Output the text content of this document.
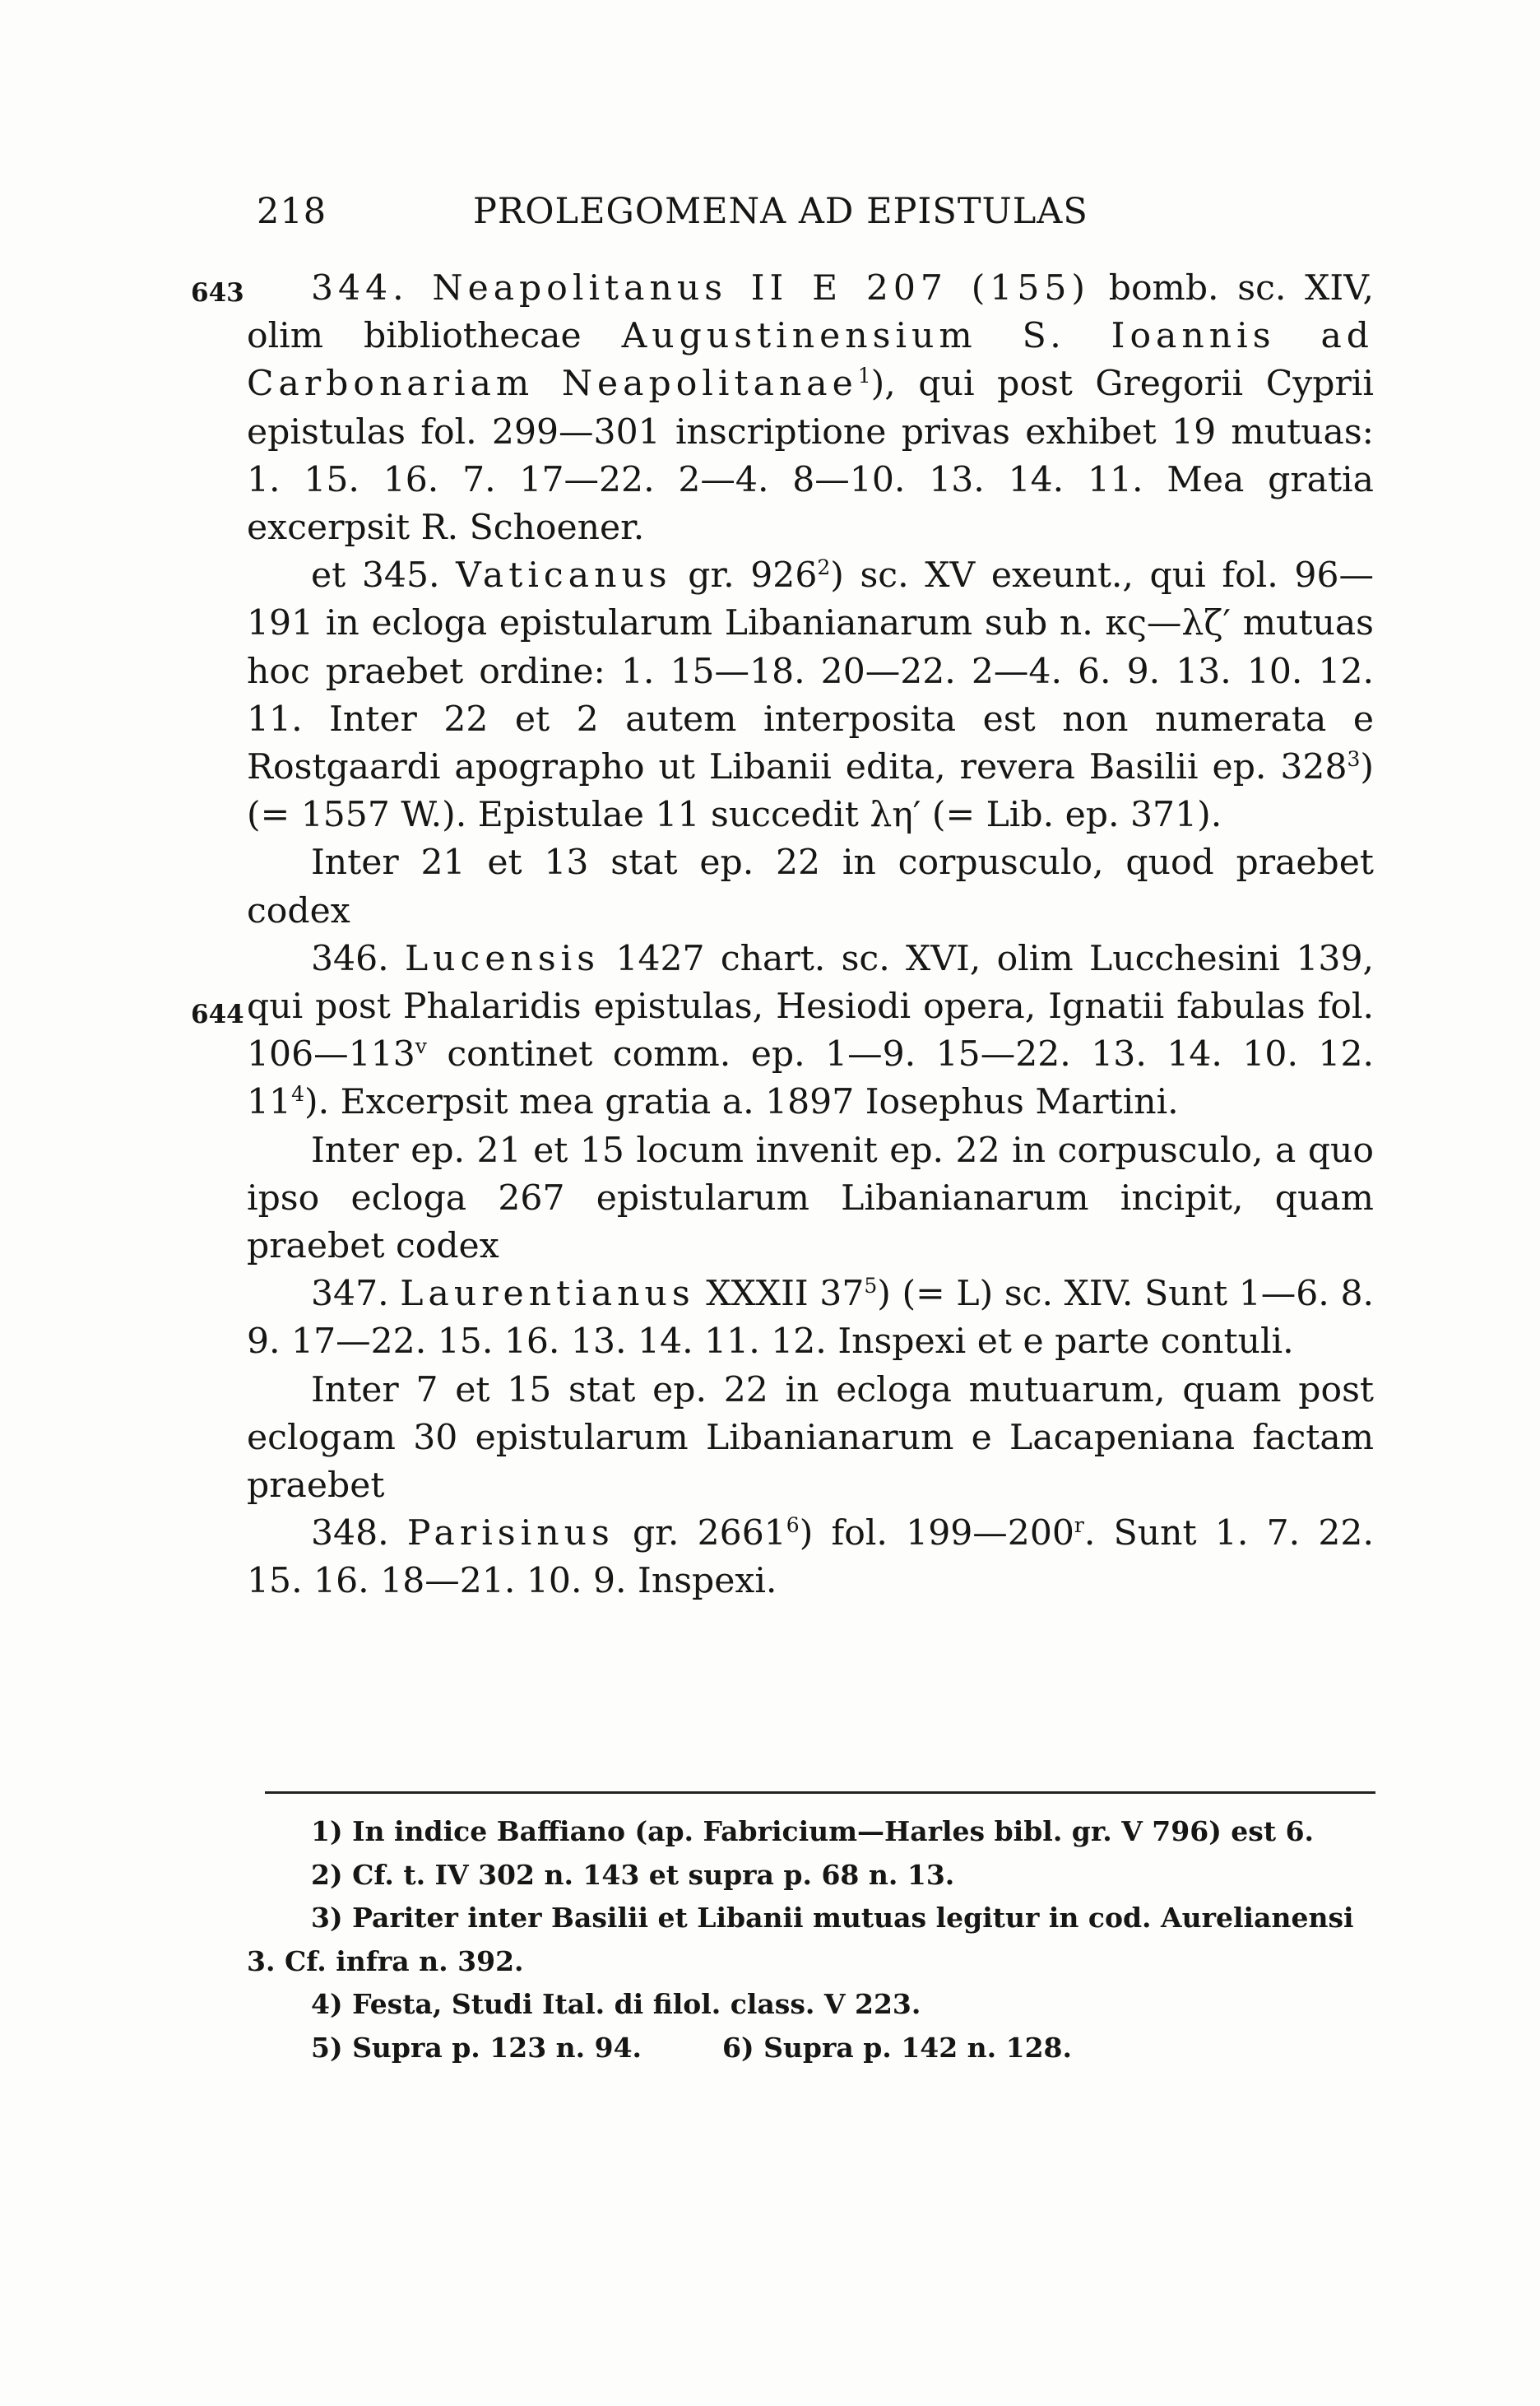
218	PROLEGOMENA AD EPISTULAS
643
644

344. Neapolitanus II E 207 (155) bomb. sc. XIV, olim bibliothecae Augustinensium S. Ioannis ad Carbonariam Neapolitanae$^1$), qui post Gregorii Cyprii epistulas fol. 299—301 inscriptione privas exhibet 19 mutuas: 1. 15. 16. 7. 17—22. 2—4. 8—10. 13. 14. 11. Mea gratia excerpsit R. Schoener.

et 345. Vaticanus gr. $926^2$) sc. XV exeunt., qui fol. 96—191 in ecloga epistularum Libanianarum sub n. κς—λζ′ mutuas hoc praebet ordine: 1. 15—18. 20—22. 2—4. 6. 9. 13. 10. 12. 11. Inter 22 et 2 autem interposita est non numerata e Rostgaardi apographo ut Libanii edita, revera Basilii ep. $328^3$) (= 1557 W.). Epistulae 11 succedit λη′ (= Lib. ep. 371).

Inter 21 et 13 stat ep. 22 in corpusculo, quod praebet codex

346. Lucensis 1427 chart. sc. XVI, olim Lucchesini 139, qui post Phalaridis epistulas, Hesiodi opera, Ignatii fabulas fol. 106—113$^v$ continet comm. ep. 1—9. 15—22. 13. 14. 10. 12. $11^4$). Excerpsit mea gratia a. 1897 Iosephus Martini.

Inter ep. 21 et 15 locum invenit ep. 22 in corpusculo, a quo ipso ecloga 267 epistularum Libanianarum incipit, quam praebet codex

347. Laurentianus XXXII $37^5$) (= L) sc. XIV. Sunt 1—6. 8. 9. 17—22. 15. 16. 13. 14. 11. 12. Inspexi et e parte contuli.

Inter 7 et 15 stat ep. 22 in ecloga mutuarum, quam post eclogam 30 epistularum Libanianarum e Lacapeniana factam praebet

348. Parisinus gr. 2661$^6$) fol. 199—200$^r$. Sunt 1. 7. 22. 15. 16. 18—21. 10. 9. Inspexi.

1) In indice Baffiano (ap. Fabricium—Harles bibl. gr. V 796) est 6.

2) Cf. t. IV 302 n. 143 et supra p. 68 n. 13.

3) Pariter inter Basilii et Libanii mutuas legitur in cod. Aurelianensi 3. Cf. infra n. 392.

4) Festa, Studi Ital. di filol. class. V 223.

5) Supra p. 123 n. 94.	6) Supra p. 142 n. 128.
